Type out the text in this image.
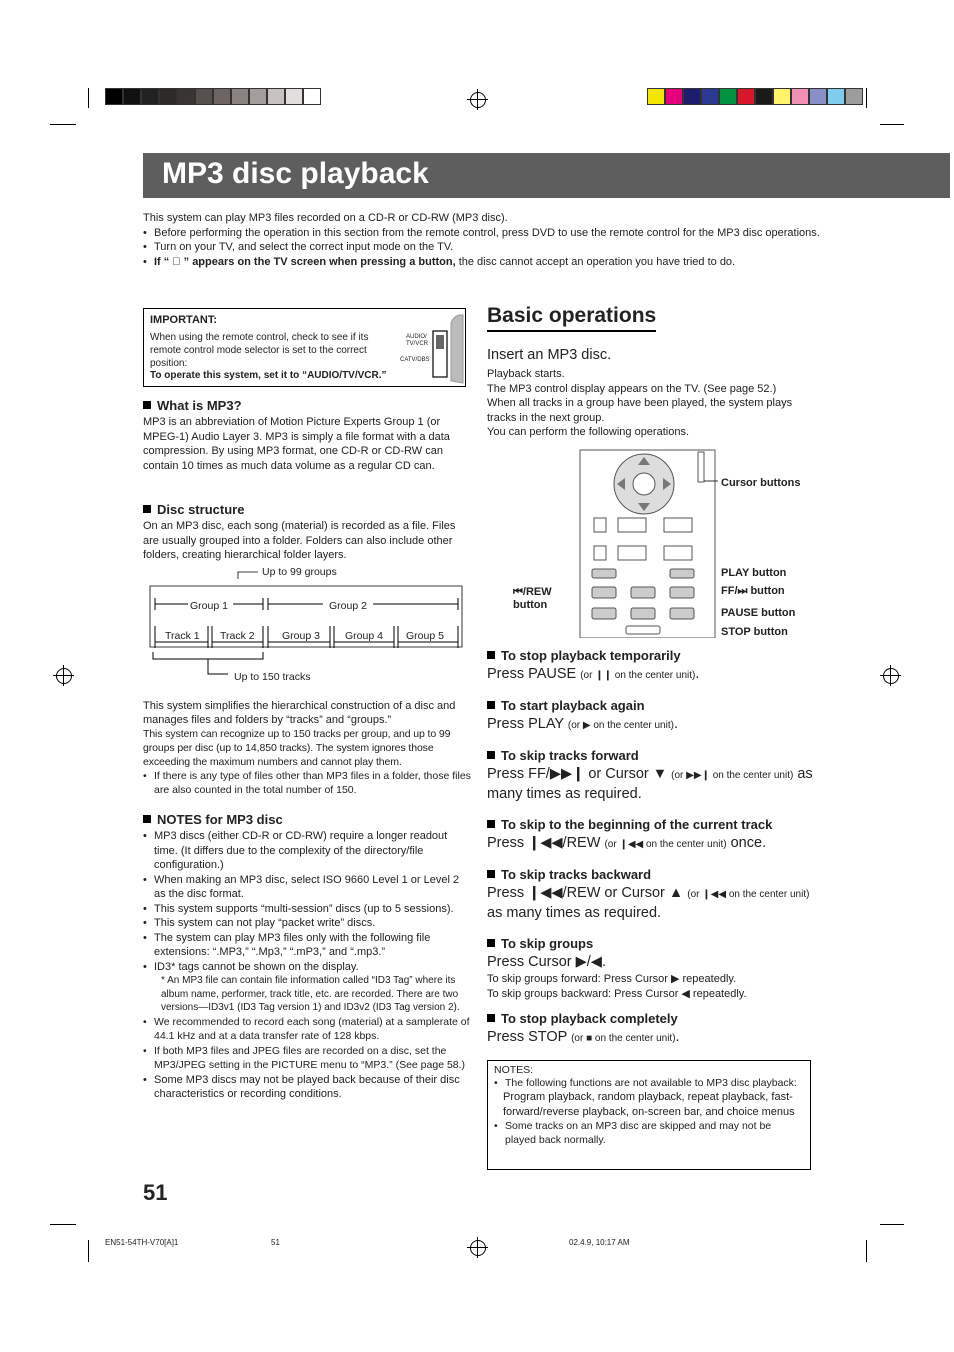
MP3 disc playback
This system can play MP3 files recorded on a CD-R or CD-RW (MP3 disc).
• Before performing the operation in this section from the remote control, press DVD to use the remote control for the MP3 disc operations.
• Turn on your TV, and select the correct input mode on the TV.
• If “ ⃠ ” appears on the TV screen when pressing a button, the disc cannot accept an operation you have tried to do.
IMPORTANT:
When using the remote control, check to see if its remote control mode selector is set to the correct position:
To operate this system, set it to “AUDIO/TV/VCR.”
AUDIO/ TV/VCR
CATV/DBS
What is MP3?
MP3 is an abbreviation of Motion Picture Experts Group 1 (or MPEG-1) Audio Layer 3. MP3 is simply a file format with a data compression. By using MP3 format, one CD-R or CD-RW can contain 10 times as much data volume as a regular CD can.
Disc structure
On an MP3 disc, each song (material) is recorded as a file. Files are usually grouped into a folder. Folders can also include other folders, creating hierarchical folder layers.
Up to 99 groups
Group 1	Group 2
Track 1 Track 2	Group 3 Group 4 Group 5
Up to 150 tracks
This system simplifies the hierarchical construction of a disc and manages files and folders by “tracks” and “groups.”
This system can recognize up to 150 tracks per group, and up to 99 groups per disc (up to 14,850 tracks). The system ignores those exceeding the maximum numbers and cannot play them.
• If there is any type of files other than MP3 files in a folder, those files are also counted in the total number of 150.
NOTES for MP3 disc
• MP3 discs (either CD-R or CD-RW) require a longer readout time. (It differs due to the complexity of the directory/file configuration.)
• When making an MP3 disc, select ISO 9660 Level 1 or Level 2 as the disc format.
• This system supports “multi-session” discs (up to 5 sessions).
• This system can not play “packet write” discs.
• The system can play MP3 files only with the following file extensions: “.MP3,” “.Mp3,” “.mP3,” and “.mp3.”
• ID3* tags cannot be shown on the display.
* An MP3 file can contain file information called “ID3 Tag” where its album name, performer, track title, etc. are recorded. There are two versions—ID3v1 (ID3 Tag version 1) and ID3v2 (ID3 Tag version 2).
• We recommended to record each song (material) at a samplerate of 44.1 kHz and at a data transfer rate of 128 kbps.
• If both MP3 files and JPEG files are recorded on a disc, set the MP3/JPEG setting in the PICTURE menu to “MP3.” (See page 58.)
• Some MP3 discs may not be played back because of their disc characteristics or recording conditions.
Basic operations
Insert an MP3 disc.
Playback starts.
The MP3 control display appears on the TV. (See page 52.) When all tracks in a group have been played, the system plays tracks in the next group.
You can perform the following operations.
Cursor buttons
⏮/REW button
PLAY button
FF/⏭ button
PAUSE button
STOP button
To stop playback temporarily
Press PAUSE (or ❙❙ on the center unit).
To start playback again
Press PLAY (or ▶ on the center unit).
To skip tracks forward
Press FF/▶▶❙ or Cursor ▼ (or ▶▶❙ on the center unit) as many times as required.
To skip to the beginning of the current track
Press ❙◀◀/REW (or ❙◀◀ on the center unit) once.
To skip tracks backward
Press ❙◀◀/REW or Cursor ▲ (or ❙◀◀ on the center unit) as many times as required.
To skip groups
Press Cursor ▶/◀.
To skip groups forward: Press Cursor ▶ repeatedly.
To skip groups backward: Press Cursor ◀ repeatedly.
To stop playback completely
Press STOP (or ■ on the center unit).
NOTES:
• The following functions are not available to MP3 disc playback:
Program playback, random playback, repeat playback, fast-forward/reverse playback, on-screen bar, and choice menus
• Some tracks on an MP3 disc are skipped and may not be played back normally.
51
EN51-54TH-V70[A]1	51	02.4.9, 10:17 AM
